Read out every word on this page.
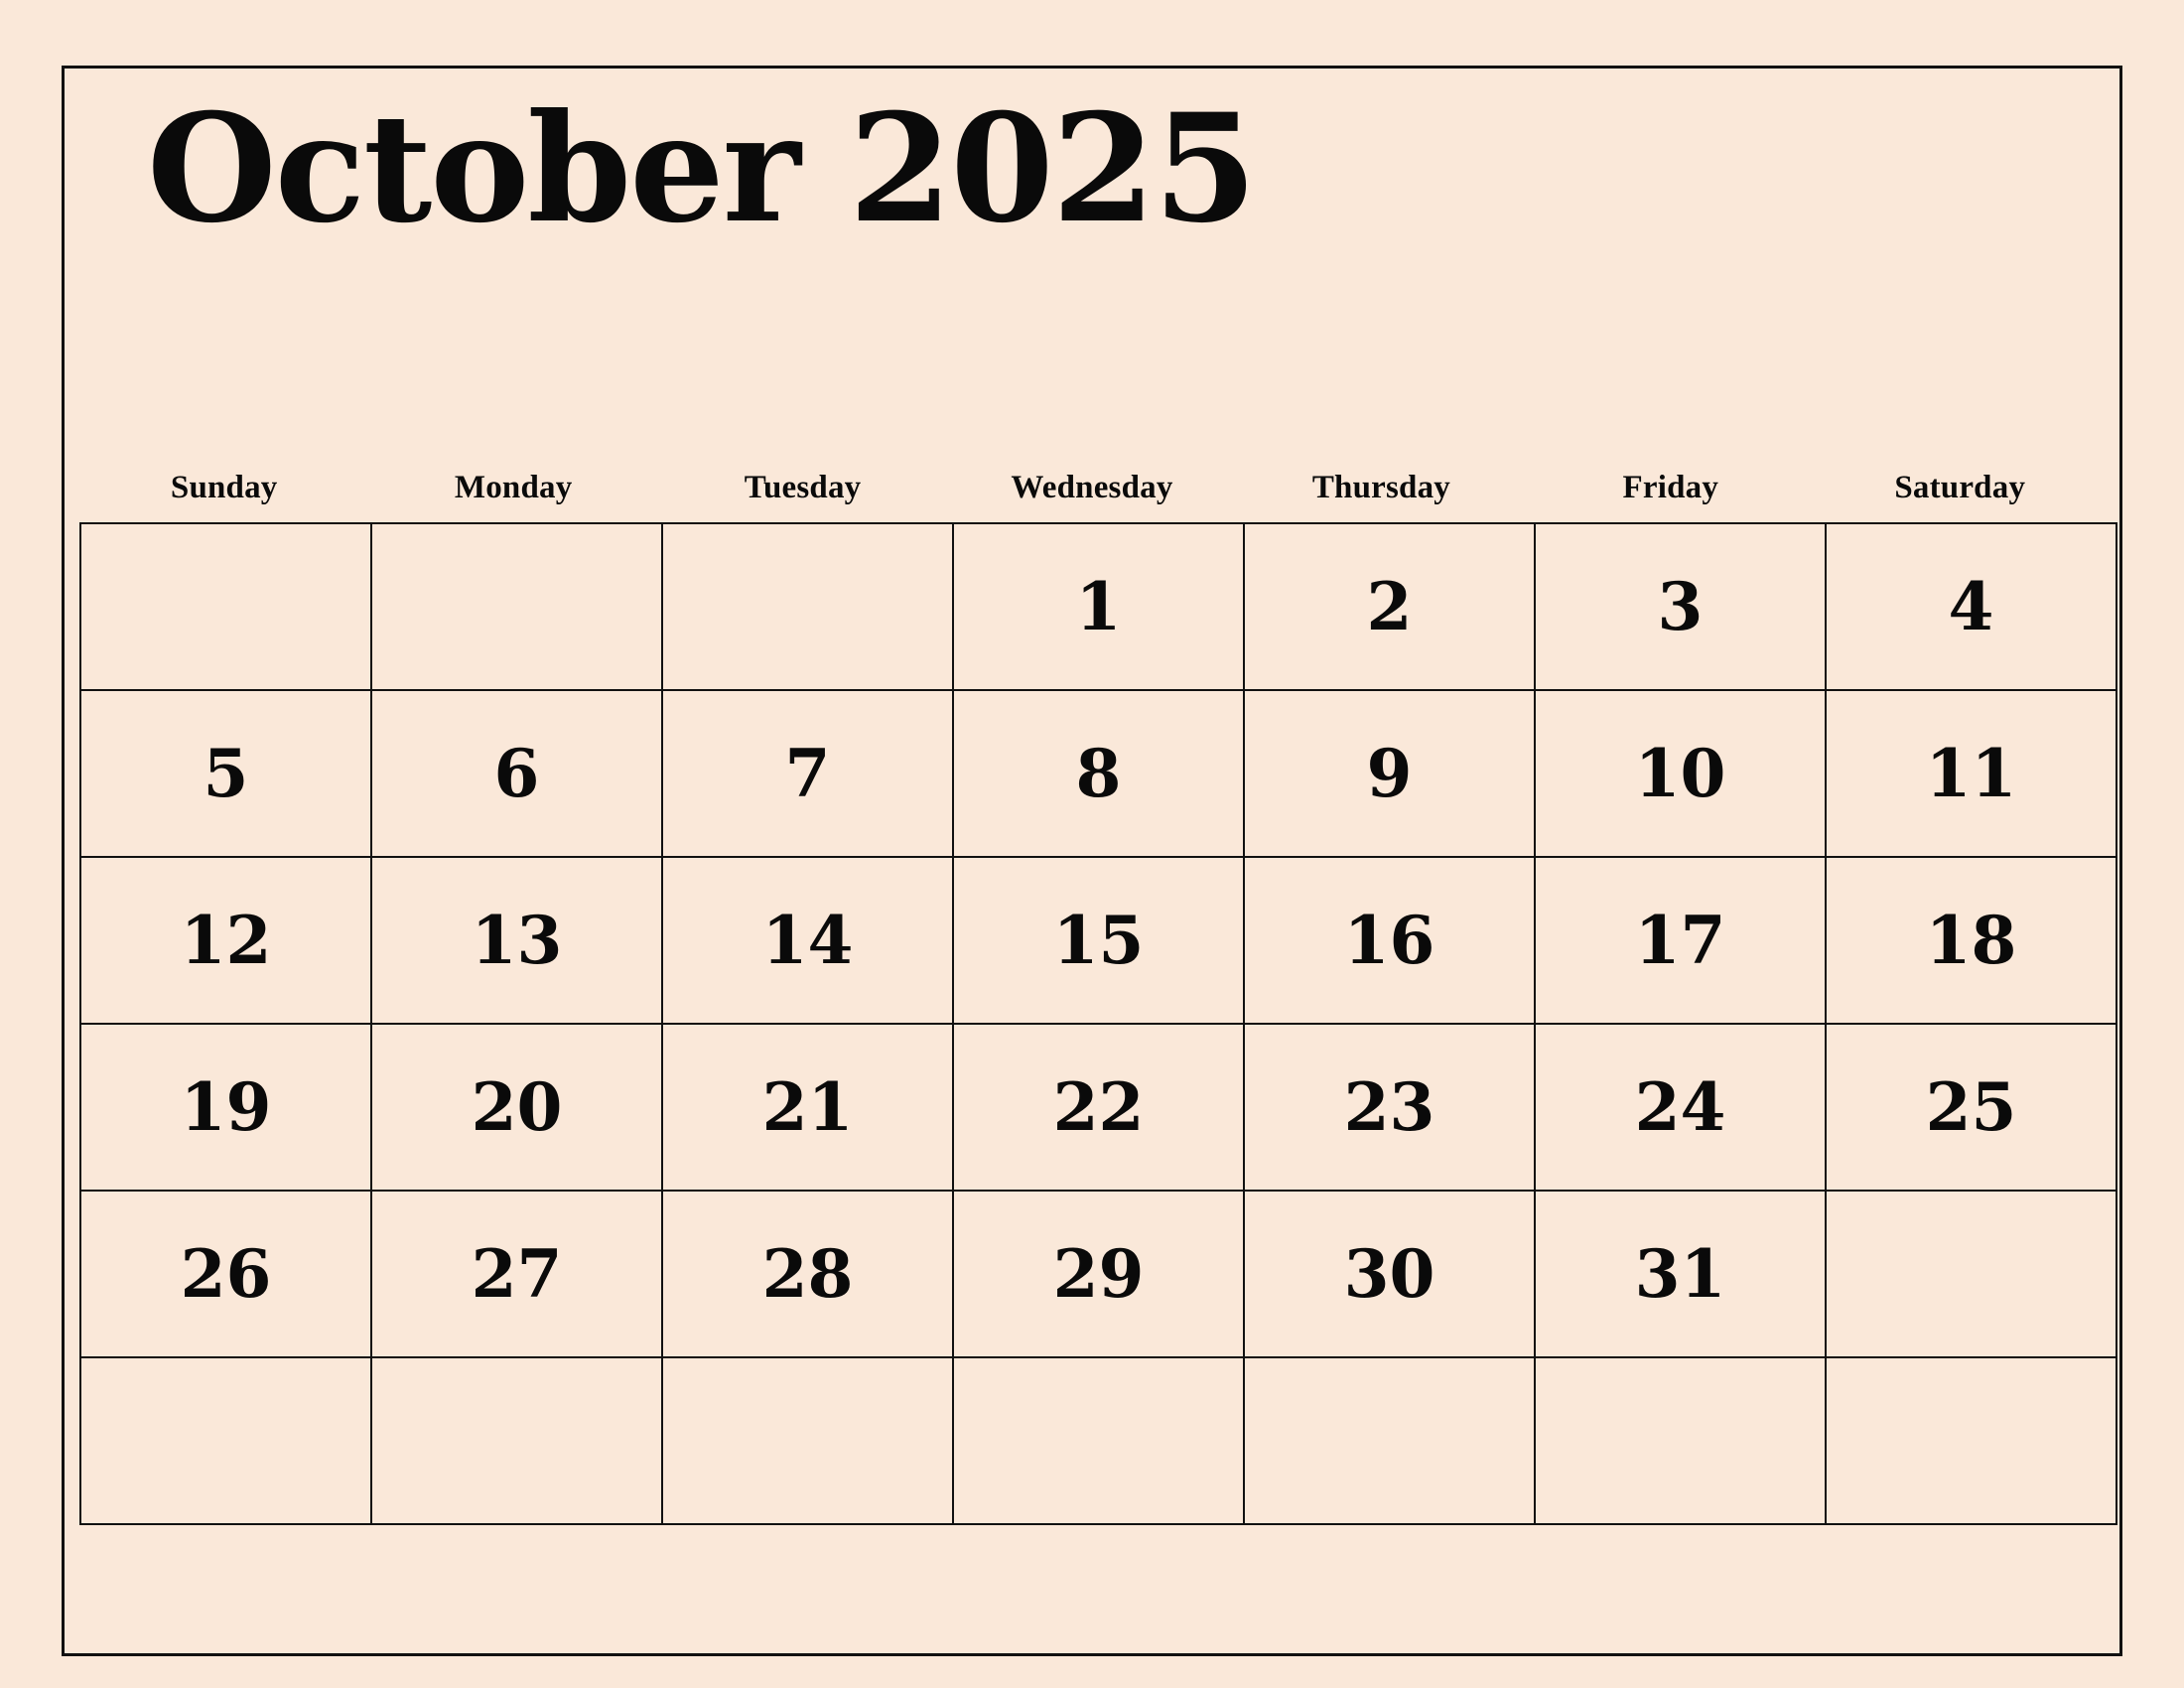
October 2025
Sunday	Monday	Tuesday	Wednesday	Thursday	Friday	Saturday

			1	2	3	4

5	6	7	8	9	10	11

12	13	14	15	16	17	18

19	20	21	22	23	24	25

26	27	28	29	30	31	
